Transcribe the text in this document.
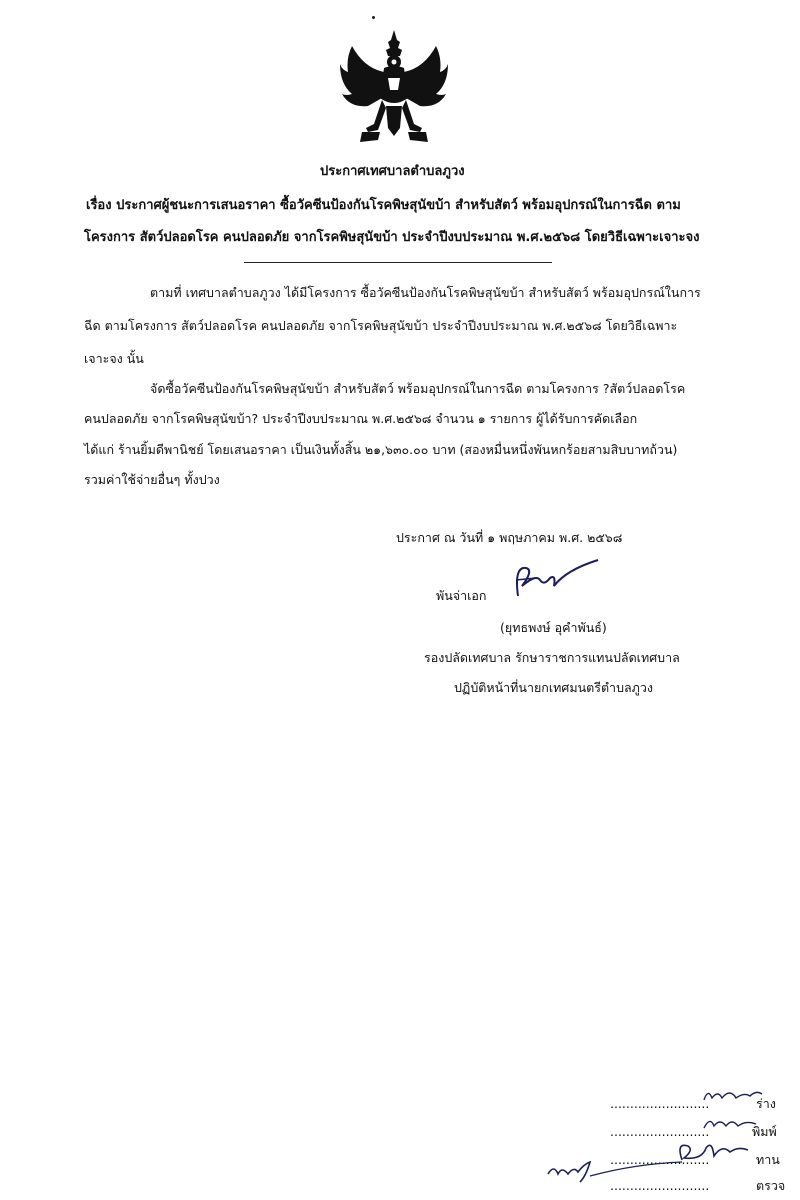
ประกาศเทศบาลตำบลภูวง
เรื่อง ประกาศผู้ชนะการเสนอราคา ซื้อวัคซีนป้องกันโรคพิษสุนัขบ้า สำหรับสัตว์ พร้อมอุปกรณ์ในการฉีด ตาม
โครงการ สัตว์ปลอดโรค คนปลอดภัย จากโรคพิษสุนัขบ้า ประจำปีงบประมาณ พ.ศ.๒๕๖๘ โดยวิธีเฉพาะเจาะจง
ตามที่ เทศบาลตำบลภูวง ได้มีโครงการ ซื้อวัคซีนป้องกันโรคพิษสุนัขบ้า สำหรับสัตว์ พร้อมอุปกรณ์ในการ
ฉีด ตามโครงการ สัตว์ปลอดโรค คนปลอดภัย จากโรคพิษสุนัขบ้า ประจำปีงบประมาณ พ.ศ.๒๕๖๘ โดยวิธีเฉพาะ
เจาะจง นั้น
จัดซื้อวัคซีนป้องกันโรคพิษสุนัขบ้า สำหรับสัตว์ พร้อมอุปกรณ์ในการฉีด ตามโครงการ ?สัตว์ปลอดโรค
คนปลอดภัย จากโรคพิษสุนัขบ้า? ประจำปีงบประมาณ พ.ศ.๒๕๖๘ จำนวน ๑ รายการ ผู้ได้รับการคัดเลือก
ได้แก่ ร้านยิ้มดีพานิชย์ โดยเสนอราคา เป็นเงินทั้งสิ้น ๒๑,๖๓๐.๐๐ บาท (สองหมื่นหนึ่งพันหกร้อยสามสิบบาทถ้วน)
รวมค่าใช้จ่ายอื่นๆ ทั้งปวง
ประกาศ ณ วันที่ ๑ พฤษภาคม พ.ศ. ๒๕๖๘
พันจ่าเอก
(ยุทธพงษ์ อุคำพันธ์)
รองปลัดเทศบาล รักษาราชการแทนปลัดเทศบาล
ปฏิบัติหน้าที่นายกเทศมนตรีตำบลภูวง
.........................	ร่าง
.........................	พิมพ์
.........................	ทาน
.........................	ตรวจ
